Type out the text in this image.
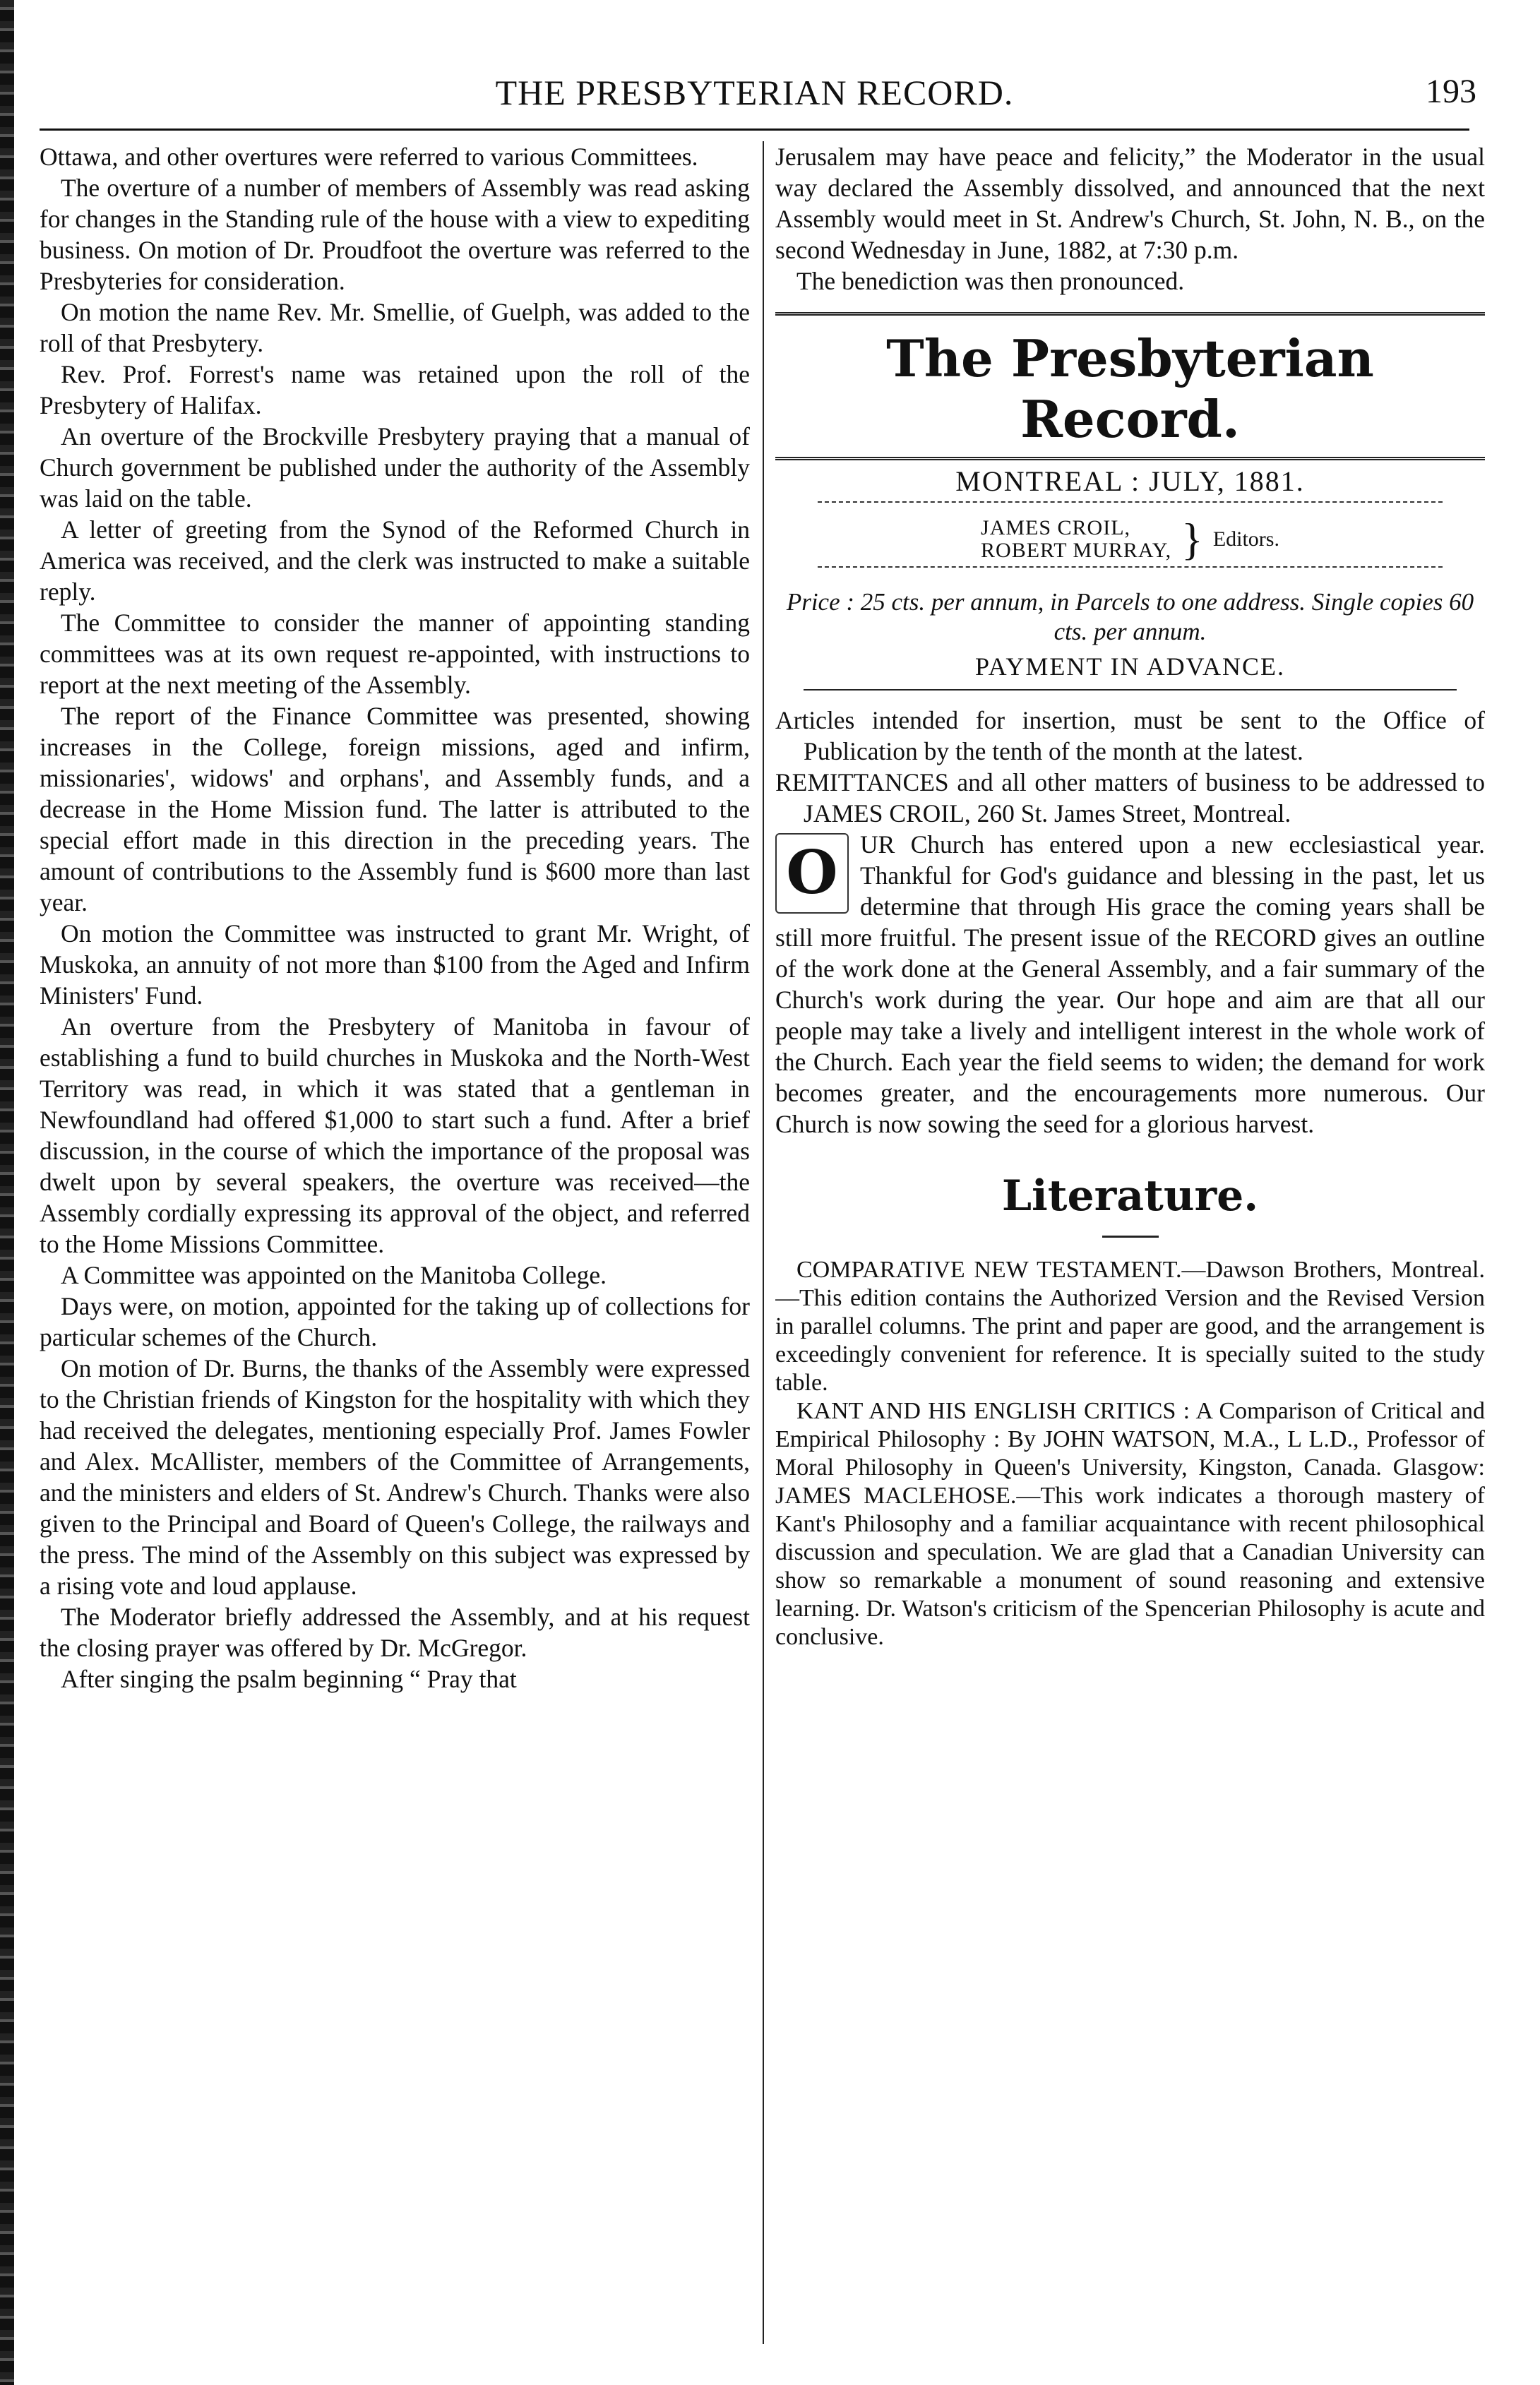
THE PRESBYTERIAN RECORD.	193

Ottawa, and other overtures were referred to various Committees.

The overture of a number of members of Assembly was read asking for changes in the Standing rule of the house with a view to expediting business. On motion of Dr. Proudfoot the overture was referred to the Presbyteries for consideration.

On motion the name Rev. Mr. Smellie, of Guelph, was added to the roll of that Presbytery.

Rev. Prof. Forrest's name was retained upon the roll of the Presbytery of Halifax.

An overture of the Brockville Presbytery praying that a manual of Church government be published under the authority of the Assembly was laid on the table.

A letter of greeting from the Synod of the Reformed Church in America was received, and the clerk was instructed to make a suitable reply.

The Committee to consider the manner of appointing standing committees was at its own request re-appointed, with instructions to report at the next meeting of the Assembly.

The report of the Finance Committee was presented, showing increases in the College, foreign missions, aged and infirm, missionaries', widows' and orphans', and Assembly funds, and a decrease in the Home Mission fund. The latter is attributed to the special effort made in this direction in the preceding years. The amount of contributions to the Assembly fund is $600 more than last year.

On motion the Committee was instructed to grant Mr. Wright, of Muskoka, an annuity of not more than $100 from the Aged and Infirm Ministers' Fund.

An overture from the Presbytery of Manitoba in favour of establishing a fund to build churches in Muskoka and the North-West Territory was read, in which it was stated that a gentleman in Newfoundland had offered $1,000 to start such a fund. After a brief discussion, in the course of which the importance of the proposal was dwelt upon by several speakers, the overture was received—the Assembly cordially expressing its approval of the object, and referred to the Home Missions Committee.

A Committee was appointed on the Manitoba College.

Days were, on motion, appointed for the taking up of collections for particular schemes of the Church.

On motion of Dr. Burns, the thanks of the Assembly were expressed to the Christian friends of Kingston for the hospitality with which they had received the delegates, mentioning especially Prof. James Fowler and Alex. McAllister, members of the Committee of Arrangements, and the ministers and elders of St. Andrew's Church. Thanks were also given to the Principal and Board of Queen's College, the railways and the press. The mind of the Assembly on this subject was expressed by a rising vote and loud applause.

The Moderator briefly addressed the Assembly, and at his request the closing prayer was offered by Dr. McGregor.

After singing the psalm beginning “ Pray that

Jerusalem may have peace and felicity,” the Moderator in the usual way declared the Assembly dissolved, and announced that the next Assembly would meet in St. Andrew's Church, St. John, N. B., on the second Wednesday in June, 1882, at 7:30 p.m.

The benediction was then pronounced.

The Presbyterian Record.
MONTREAL : JULY, 1881.
JAMES CROIL,
ROBERT MURRAY, } Editors.
Price : 25 cts. per annum, in Parcels to one address. Single copies 60 cts. per annum.
PAYMENT IN ADVANCE.

Articles intended for insertion, must be sent to the Office of Publication by the tenth of the month at the latest.

REMITTANCES and all other matters of business to be addressed to JAMES CROIL, 260 St. James Street, Montreal.

O UR Church has entered upon a new ecclesiastical year. Thankful for God's guidance and blessing in the past, let us determine that through His grace the coming years shall be still more fruitful. The present issue of the RECORD gives an outline of the work done at the General Assembly, and a fair summary of the Church's work during the year. Our hope and aim are that all our people may take a lively and intelligent interest in the whole work of the Church. Each year the field seems to widen; the demand for work becomes greater, and the encouragements more numerous. Our Church is now sowing the seed for a glorious harvest.

Literature.

COMPARATIVE NEW TESTAMENT.—Dawson Brothers, Montreal.—This edition contains the Authorized Version and the Revised Version in parallel columns. The print and paper are good, and the arrangement is exceedingly convenient for reference. It is specially suited to the study table.

KANT AND HIS ENGLISH CRITICS : A Comparison of Critical and Empirical Philosophy : By JOHN WATSON, M.A., L L.D., Professor of Moral Philosophy in Queen's University, Kingston, Canada. Glasgow: JAMES MACLEHOSE.—This work indicates a thorough mastery of Kant's Philosophy and a familiar acquaintance with recent philosophical discussion and speculation. We are glad that a Canadian University can show so remarkable a monument of sound reasoning and extensive learning. Dr. Watson's criticism of the Spencerian Philosophy is acute and conclusive.
